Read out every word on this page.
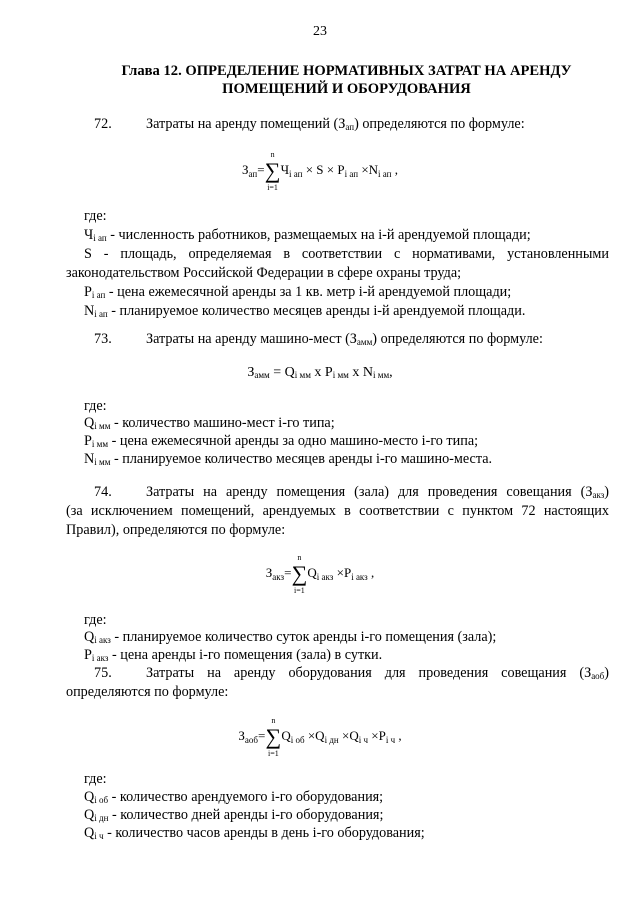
23
Глава 12. ОПРЕДЕЛЕНИЕ НОРМАТИВНЫХ ЗАТРАТ НА АРЕНДУ
ПОМЕЩЕНИЙ И ОБОРУДОВАНИЯ
72. Затраты на аренду помещений $(З_{ап})$ определяются по формуле:
$З_{ап}=$
n
∑
i=1
$Ч_{i ап} \times S \times P_{i ап} \times N_{i ап}$ ,
где:
$Ч_{i ап}$ - численность работников, размещаемых на i-й арендуемой площади;
S - площадь, определяемая в соответствии с нормативами, установленными
законодательством Российской Федерации в сфере охраны труда;
$P_{i ап}$ - цена ежемесячной аренды за 1 кв. метр i-й арендуемой площади;
$N_{i ап}$ - планируемое количество месяцев аренды i-й арендуемой площади.
73. Затраты на аренду машино-мест $(З_{амм})$ определяются по формуле:
$З_{амм} = Q_{i мм}$ x $P_{i мм}$ x $N_{i мм}$,
где:
$Q_{i мм}$ - количество машино-мест i-го типа;
$P_{i мм}$ - цена ежемесячной аренды за одно машино-место i-го типа;
$N_{i мм}$ - планируемое количество месяцев аренды i-го машино-места.
74. Затраты на аренду помещения (зала) для проведения совещания $(З_{акз})$
(за исключением помещений, арендуемых в соответствии с пунктом 72 настоящих
Правил), определяются по формуле:
$З_{акз}=$
n
∑
i=1
$Q_{i акз} \times P_{i акз}$ ,
где:
$Q_{i акз}$ - планируемое количество суток аренды i-го помещения (зала);
$P_{i акз}$ - цена аренды i-го помещения (зала) в сутки.
75. Затраты на аренду оборудования для проведения совещания $(З_{аоб})$
определяются по формуле:
$З_{аоб}=$
n
∑
i=1
$Q_{i об} \times Q_{i дн} \times Q_{i ч} \times P_{i ч}$ ,
где:
$Q_{i об}$ - количество арендуемого i-го оборудования;
$Q_{i дн}$ - количество дней аренды i-го оборудования;
$Q_{i ч}$ - количество часов аренды в день i-го оборудования;
